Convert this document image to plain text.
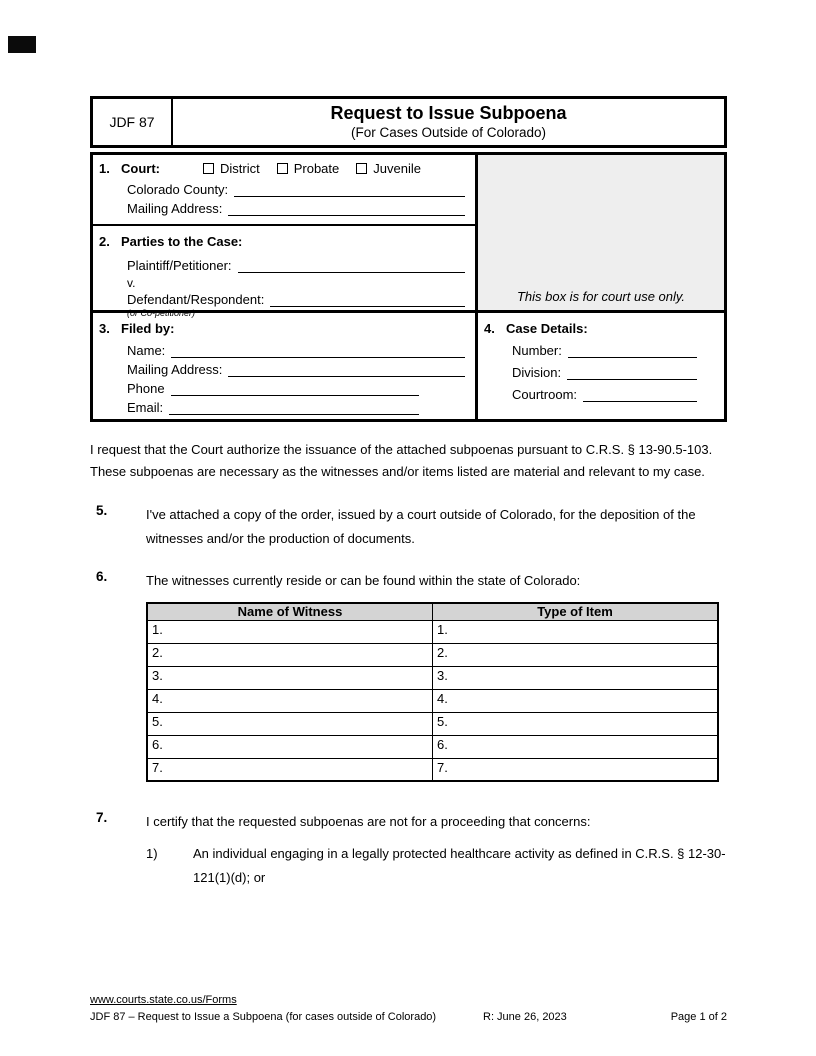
JDF 87	Request to Issue Subpoena
(For Cases Outside of Colorado)
1. Court:	District	Probate	Juvenile
Colorado County:
Mailing Address:
This box is for court use only.
2. Parties to the Case:
Plaintiff/Petitioner:
v.
Defendant/Respondent:
(or Co-petitioner)
3. Filed by:
Name:
Mailing Address:
Phone
Email:
4. Case Details:
Number:
Division:
Courtroom:

I request that the Court authorize the issuance of the attached subpoenas pursuant to C.R.S. § 13-90.5-103. These subpoenas are necessary as the witnesses and/or items listed are material and relevant to my case.

5.	I've attached a copy of the order, issued by a court outside of Colorado, for the deposition of the witnesses and/or the production of documents.
6.	The witnesses currently reside or can be found within the state of Colorado:
Name of Witness	Type of Item
1.	1.
2.	2.
3.	3.
4.	4.
5.	5.
6.	6.
7.	7.
7.	I certify that the requested subpoenas are not for a proceeding that concerns:
1)	An individual engaging in a legally protected healthcare activity as defined in C.R.S. § 12-30-121(1)(d); or
www.courts.state.co.us/Forms
JDF 87 – Request to Issue a Subpoena (for cases outside of Colorado)	R: June 26, 2023	Page 1 of 2
